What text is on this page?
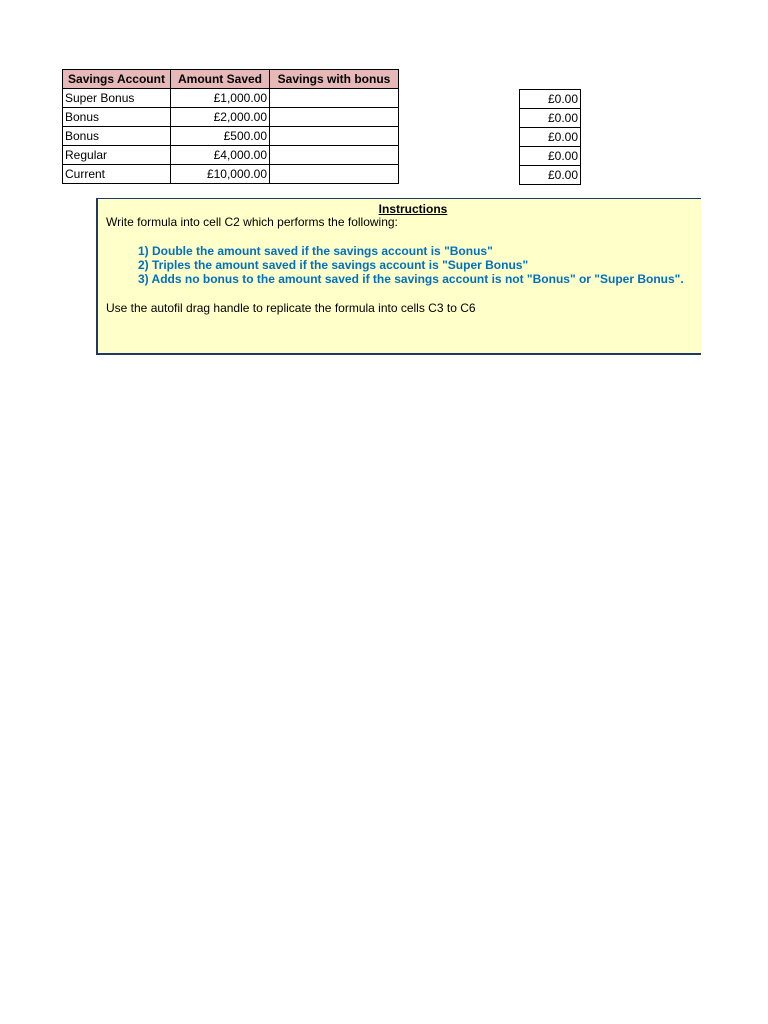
Savings Account	Amount Saved	Savings with bonus
Super Bonus	£1,000.00	
Bonus	£2,000.00	
Bonus	£500.00	
Regular	£4,000.00	
Current	£10,000.00	
£0.00
£0.00
£0.00
£0.00
£0.00
Instructions
Write formula into cell C2 which performs the following:
1) Double the amount saved if the savings account is "Bonus"
2) Triples the amount saved if the savings account is "Super Bonus"
3) Adds no bonus to the amount saved if the savings account is not "Bonus" or "Super Bonus".
Use the autofil drag handle to replicate the formula into cells C3 to C6
